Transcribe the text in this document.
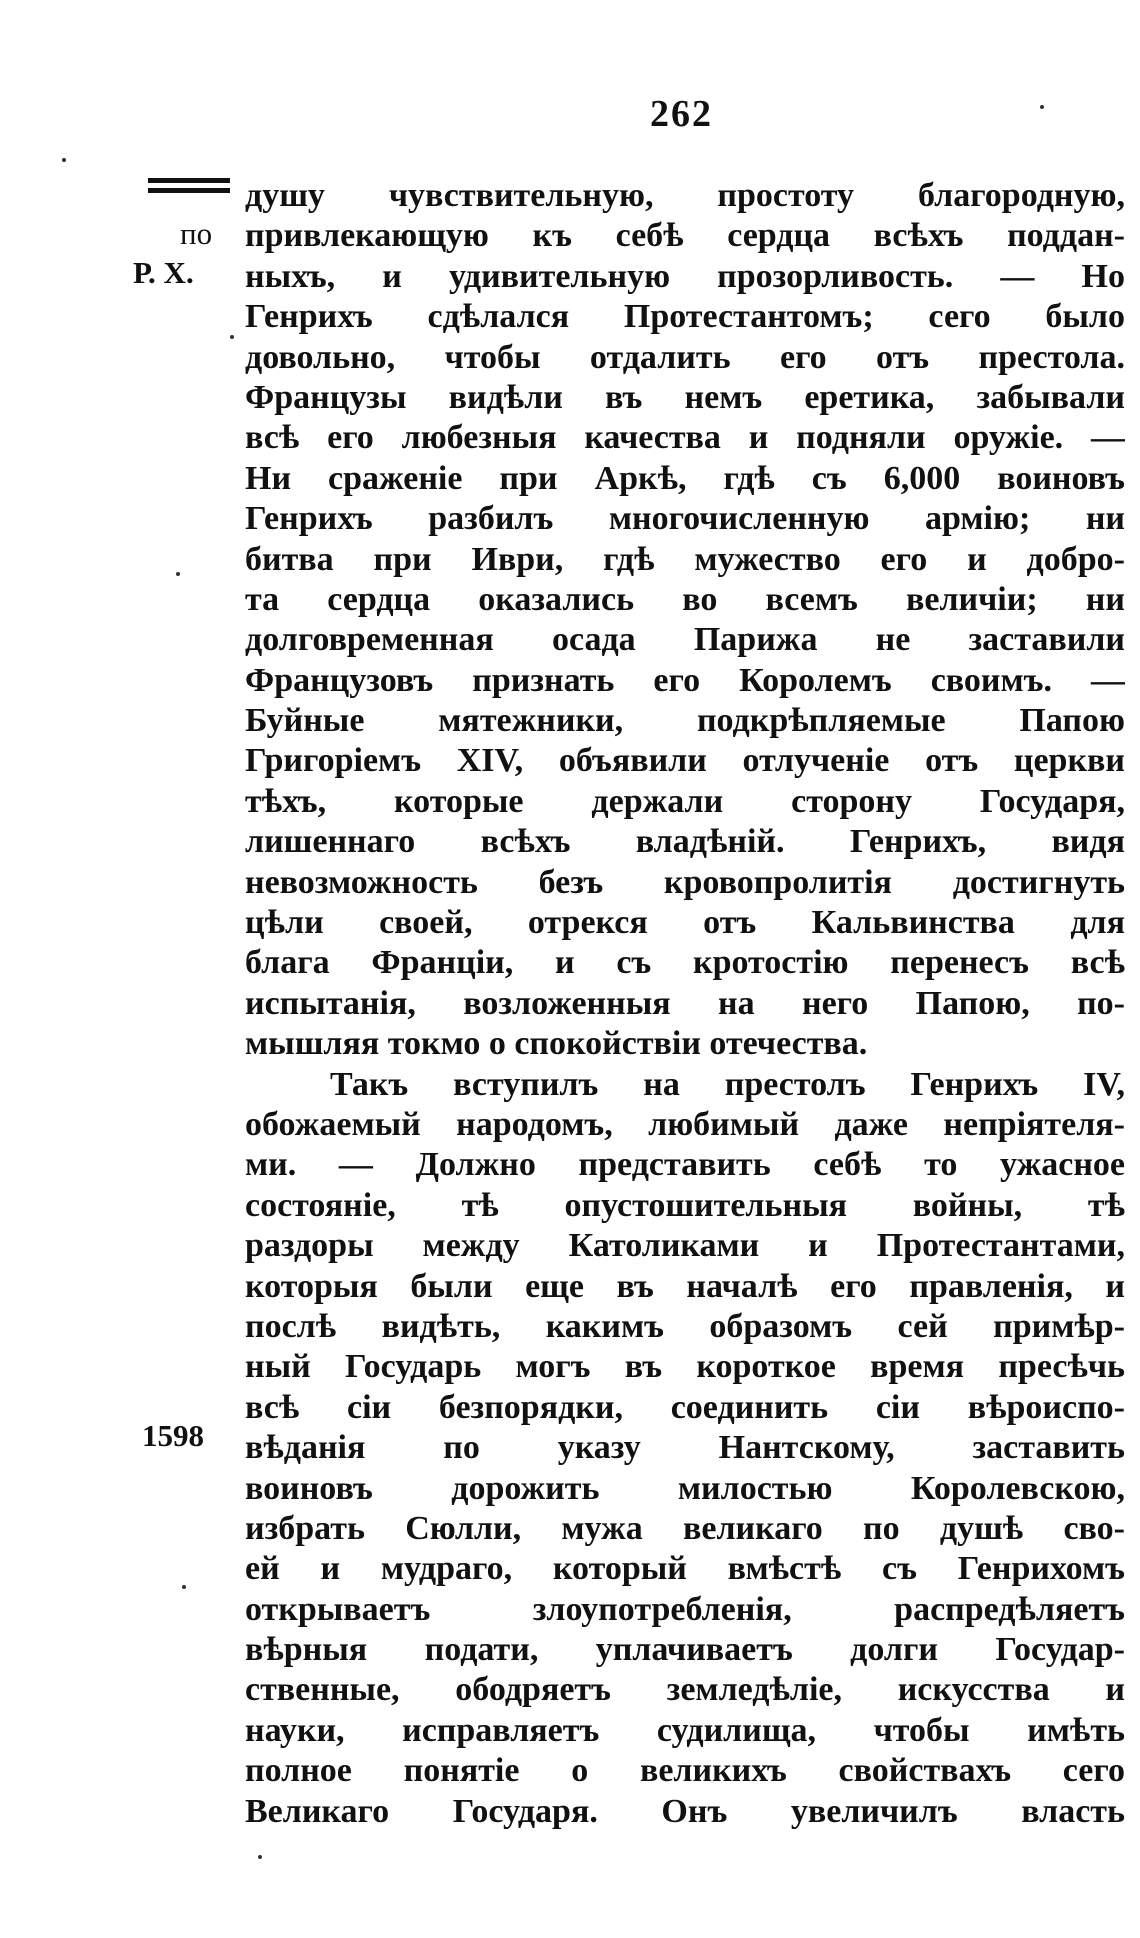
262
по
Р. Х.
1598
душу чувствительную, простоту благородную,
привлекающую къ себѣ сердца всѣхъ поддан-
ныхъ, и удивительную прозорливость. — Но
Генрихъ сдѣлался Протестантомъ; сего было
довольно, чтобы отдалить его отъ престола.
Французы видѣли въ немъ еретика, забывали
всѣ его любезныя качества и подняли оружіе. —
Ни сраженіе при Аркѣ, гдѣ съ 6,000 воиновъ
Генрихъ разбилъ многочисленную армію; ни
битва при Иври, гдѣ мужество его и добро-
та сердца оказались во всемъ величіи; ни
долговременная осада Парижа не заставили
Французовъ признать его Королемъ своимъ. —
Буйные мятежники, подкрѣпляемые Папою
Григоріемъ XIV, объявили отлученіе отъ церкви
тѣхъ, которые держали сторону Государя,
лишеннаго всѣхъ владѣній. Генрихъ, видя
невозможность безъ кровопролитія достигнуть
цѣли своей, отрекся отъ Кальвинства для
блага Франціи, и съ кротостію перенесъ всѣ
испытанія, возложенныя на него Папою, по-
мышляя токмо о спокойствіи отечества.
Такъ вступилъ на престолъ Генрихъ IV,
обожаемый народомъ, любимый даже непріятеля-
ми. — Должно представить себѣ то ужасное
состояніе, тѣ опустошительныя войны, тѣ
раздоры между Католиками и Протестантами,
которыя были еще въ началѣ его правленія, и
послѣ видѣть, какимъ образомъ сей примѣр-
ный Государь могъ въ короткое время пресѣчь
всѣ сіи безпорядки, соединить сіи вѣроиспо-
вѣданія по указу Нантскому, заставить
воиновъ дорожить милостью Королевскою,
избрать Сюлли, мужа великаго по душѣ сво-
ей и мудраго, который вмѣстѣ съ Генрихомъ
открываетъ злоупотребленія, распредѣляетъ
вѣрныя подати, уплачиваетъ долги Государ-
ственные, ободряетъ земледѣліе, искусства и
науки, исправляетъ судилища, чтобы имѣть
полное понятіе о великихъ свойствахъ сего
Великаго Государя. Онъ увеличилъ власть
